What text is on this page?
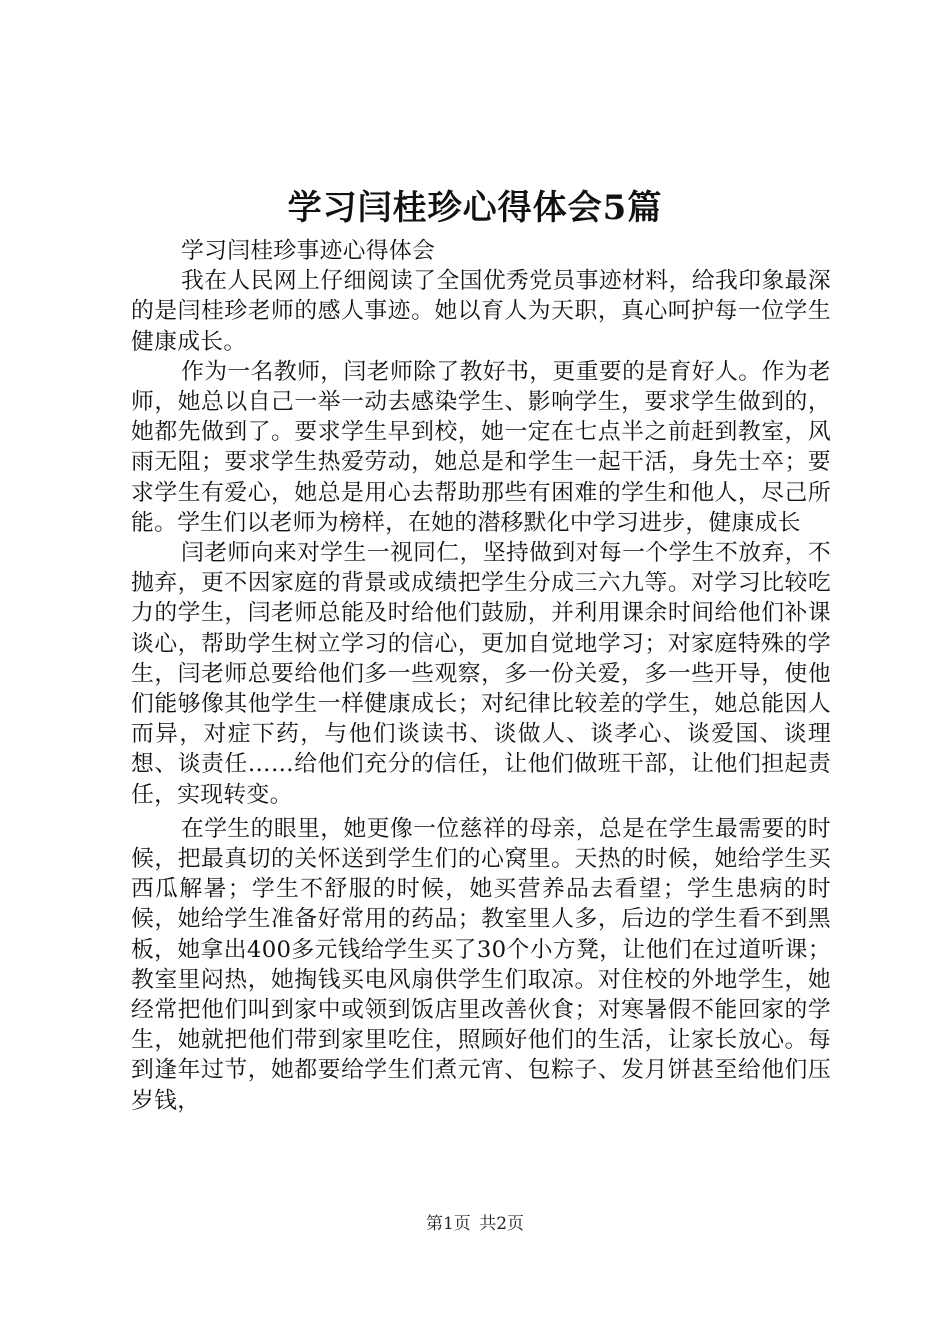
学习闫桂珍心得体会5篇

学习闫桂珍事迹心得体会

我在人民网上仔细阅读了全国优秀党员事迹材料，给我印象最深的是闫桂珍老师的感人事迹。她以育人为天职，真心呵护每一位学生健康成长。

作为一名教师，闫老师除了教好书，更重要的是育好人。作为老师，她总以自己一举一动去感染学生、影响学生，要求学生做到的，她都先做到了。要求学生早到校，她一定在七点半之前赶到教室，风雨无阻；要求学生热爱劳动，她总是和学生一起干活，身先士卒；要求学生有爱心，她总是用心去帮助那些有困难的学生和他人，尽己所能。学生们以老师为榜样，在她的潜移默化中学习进步，健康成长

闫老师向来对学生一视同仁，坚持做到对每一个学生不放弃，不抛弃，更不因家庭的背景或成绩把学生分成三六九等。对学习比较吃力的学生，闫老师总能及时给他们鼓励，并利用课余时间给他们补课谈心，帮助学生树立学习的信心，更加自觉地学习；对家庭特殊的学生，闫老师总要给他们多一些观察，多一份关爱，多一些开导，使他们能够像其他学生一样健康成长；对纪律比较差的学生，她总能因人而异，对症下药，与他们谈读书、谈做人、谈孝心、谈爱国、谈理想、谈责任……给他们充分的信任，让他们做班干部，让他们担起责任，实现转变。

在学生的眼里，她更像一位慈祥的母亲，总是在学生最需要的时候，把最真切的关怀送到学生们的心窝里。天热的时候，她给学生买西瓜解暑；学生不舒服的时候，她买营养品去看望；学生患病的时候，她给学生准备好常用的药品；教室里人多，后边的学生看不到黑板，她拿出400多元钱给学生买了30个小方凳，让他们在过道听课；教室里闷热，她掏钱买电风扇供学生们取凉。对住校的外地学生，她经常把他们叫到家中或领到饭店里改善伙食；对寒暑假不能回家的学生，她就把他们带到家里吃住，照顾好他们的生活，让家长放心。每到逢年过节，她都要给学生们煮元宵、包粽子、发月饼甚至给他们压岁钱，

第1页 共2页
